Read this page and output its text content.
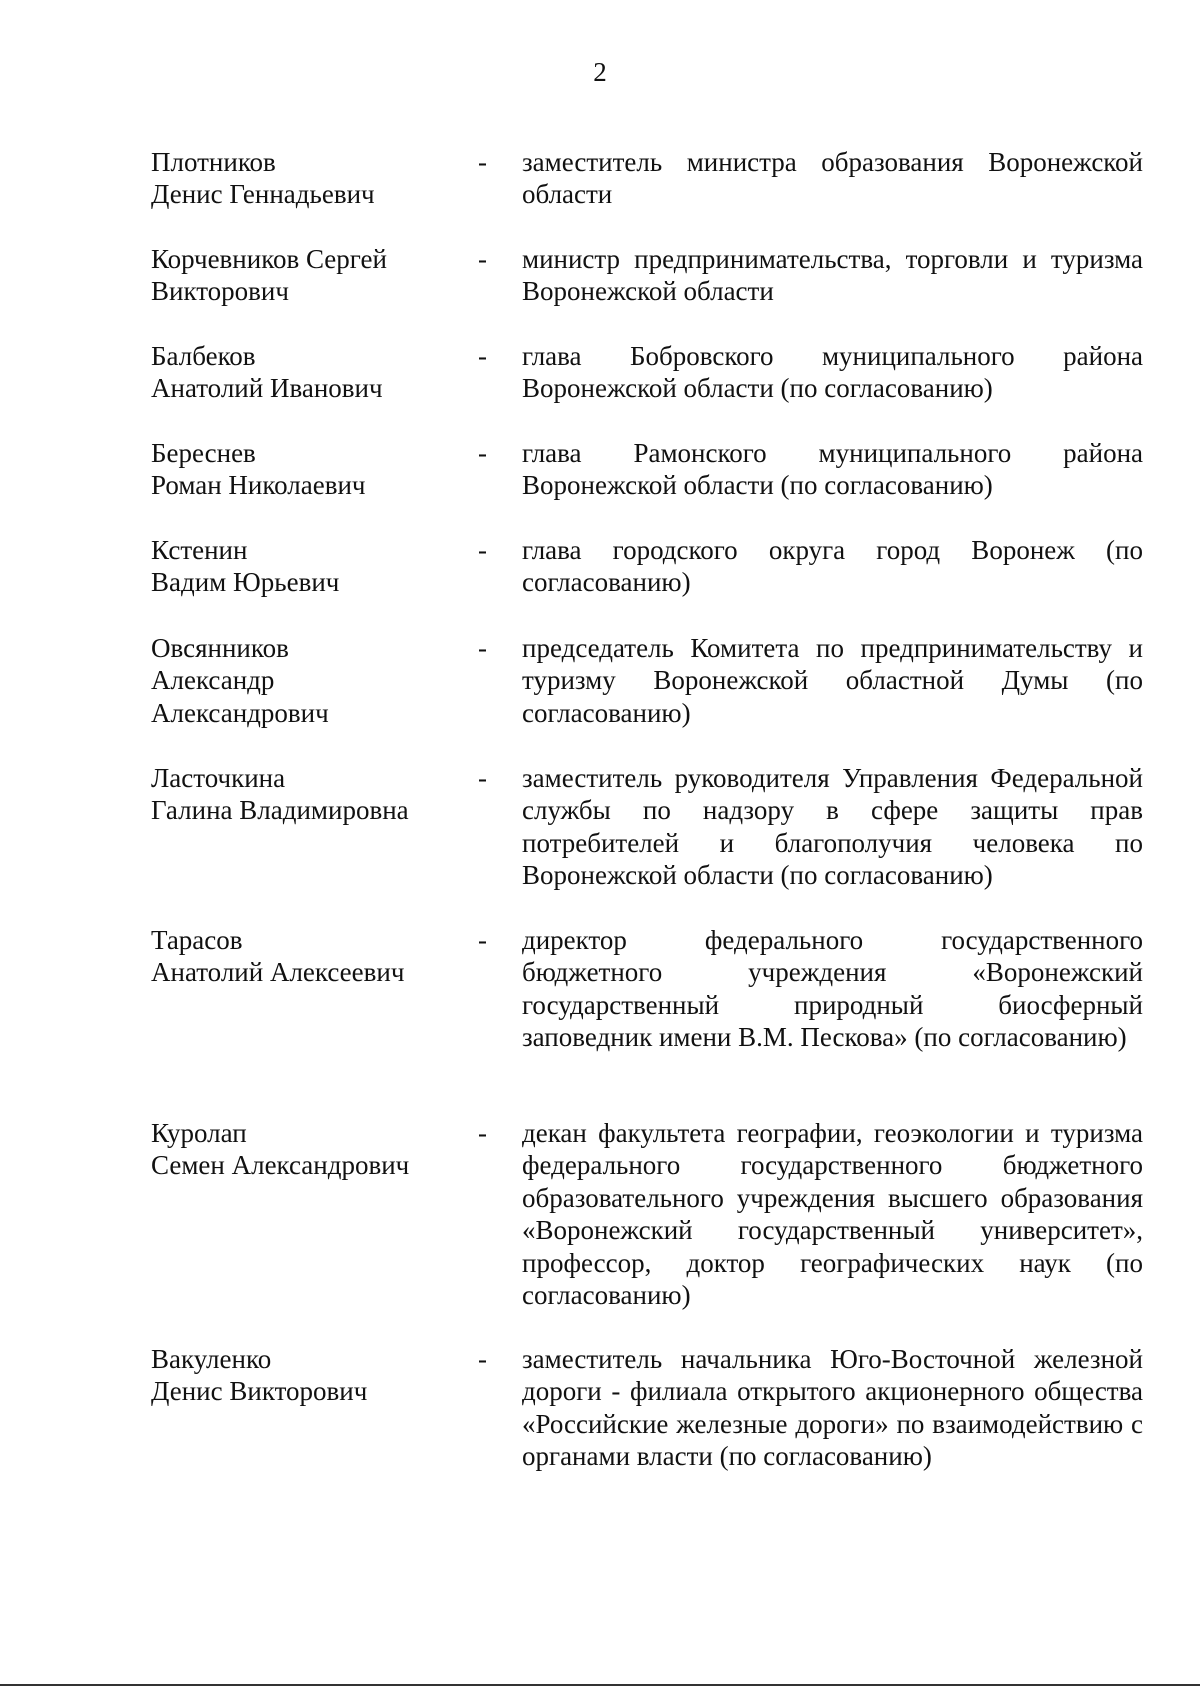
2
Плотников
Денис Геннадьевич
- заместитель министра образования Воронежской области
Корчевников Сергей
Викторович
- министр предпринимательства, торговли и туризма Воронежской области
Балбеков
Анатолий Иванович
- глава Бобровского муниципального района Воронежской области (по согласованию)
Береснев
Роман Николаевич
- глава Рамонского муниципального района Воронежской области (по согласованию)
Кстенин
Вадим Юрьевич
- глава городского округа город Воронеж (по согласованию)
Овсянников
Александр
Александрович
- председатель Комитета по предпринимательству и туризму Воронежской областной Думы (по согласованию)
Ласточкина
Галина Владимировна
- заместитель руководителя Управления Федеральной службы по надзору в сфере защиты прав потребителей и благополучия человека по Воронежской области (по согласованию)
Тарасов
Анатолий Алексеевич
- директор федерального государственного бюджетного учреждения «Воронежский государственный природный биосферный заповедник имени В.М. Пескова» (по согласованию)
Куролап
Семен Александрович
- декан факультета географии, геоэкологии и туризма федерального государственного бюджетного образовательного учреждения высшего образования «Воронежский государственный университет», профессор, доктор географических наук (по согласованию)
Вакуленко
Денис Викторович
- заместитель начальника Юго-Восточной железной дороги - филиала открытого акционерного общества «Российские железные дороги» по взаимодействию с органами власти (по согласованию)
